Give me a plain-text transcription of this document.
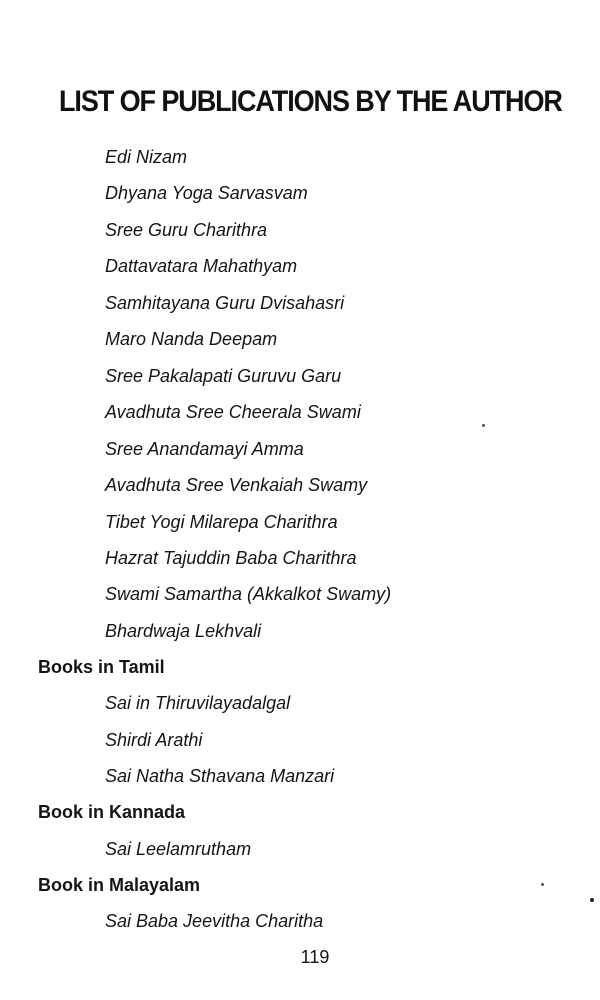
LIST OF PUBLICATIONS BY THE AUTHOR
Edi Nizam
Dhyana Yoga Sarvasvam
Sree Guru Charithra
Dattavatara Mahathyam
Samhitayana Guru Dvisahasri
Maro Nanda Deepam
Sree Pakalapati Guruvu Garu
Avadhuta Sree Cheerala Swami
Sree Anandamayi Amma
Avadhuta Sree Venkaiah Swamy
Tibet Yogi Milarepa Charithra
Hazrat Tajuddin Baba Charithra
Swami Samartha (Akkalkot Swamy)
Bhardwaja Lekhvali
Books in Tamil
Sai in Thiruvilayadalgal
Shirdi Arathi
Sai Natha Sthavana Manzari
Book in Kannada
Sai Leelamrutham
Book in Malayalam
Sai Baba Jeevitha Charitha
119
